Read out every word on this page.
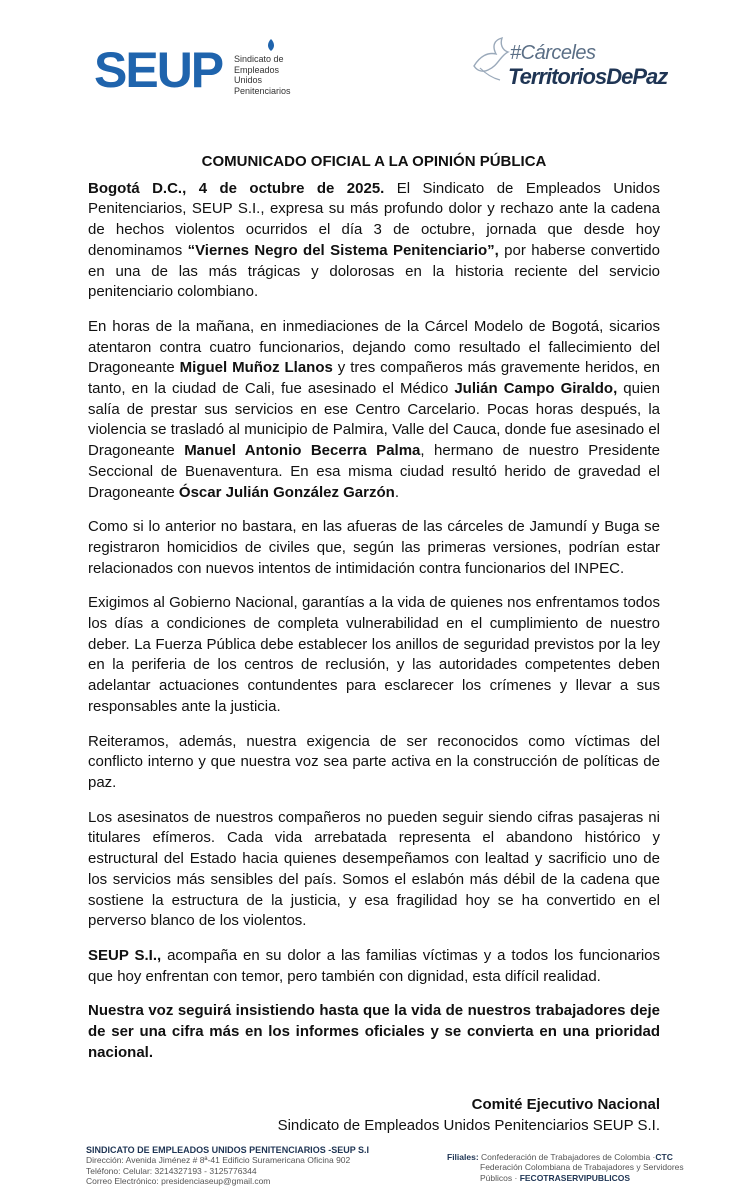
SEUP Sindicato de
Empleados
Unidos
Penitenciarios
#Cárceles
TerritoriosDePaz
COMUNICADO OFICIAL A LA OPINIÓN PÚBLICA

Bogotá D.C., 4 de octubre de 2025. El Sindicato de Empleados Unidos Penitenciarios, SEUP S.I., expresa su más profundo dolor y rechazo ante la cadena de hechos violentos ocurridos el día 3 de octubre, jornada que desde hoy denominamos “Viernes Negro del Sistema Penitenciario”, por haberse convertido en una de las más trágicas y dolorosas en la historia reciente del servicio penitenciario colombiano.

En horas de la mañana, en inmediaciones de la Cárcel Modelo de Bogotá, sicarios atentaron contra cuatro funcionarios, dejando como resultado el fallecimiento del Dragoneante Miguel Muñoz Llanos y tres compañeros más gravemente heridos, en tanto, en la ciudad de Cali, fue asesinado el Médico Julián Campo Giraldo, quien salía de prestar sus servicios en ese Centro Carcelario. Pocas horas después, la violencia se trasladó al municipio de Palmira, Valle del Cauca, donde fue asesinado el Dragoneante Manuel Antonio Becerra Palma, hermano de nuestro Presidente Seccional de Buenaventura. En esa misma ciudad resultó herido de gravedad el Dragoneante Óscar Julián González Garzón.

Como si lo anterior no bastara, en las afueras de las cárceles de Jamundí y Buga se registraron homicidios de civiles que, según las primeras versiones, podrían estar relacionados con nuevos intentos de intimidación contra funcionarios del INPEC.

Exigimos al Gobierno Nacional, garantías a la vida de quienes nos enfrentamos todos los días a condiciones de completa vulnerabilidad en el cumplimiento de nuestro deber. La Fuerza Pública debe establecer los anillos de seguridad previstos por la ley en la periferia de los centros de reclusión, y las autoridades competentes deben adelantar actuaciones contundentes para esclarecer los crímenes y llevar a sus responsables ante la justicia.

Reiteramos, además, nuestra exigencia de ser reconocidos como víctimas del conflicto interno y que nuestra voz sea parte activa en la construcción de políticas de paz.

Los asesinatos de nuestros compañeros no pueden seguir siendo cifras pasajeras ni titulares efímeros. Cada vida arrebatada representa el abandono histórico y estructural del Estado hacia quienes desempeñamos con lealtad y sacrificio uno de los servicios más sensibles del país. Somos el eslabón más débil de la cadena que sostiene la estructura de la justicia, y esa fragilidad hoy se ha convertido en el perverso blanco de los violentos.

SEUP S.I., acompaña en su dolor a las familias víctimas y a todos los funcionarios que hoy enfrentan con temor, pero también con dignidad, esta difícil realidad.

Nuestra voz seguirá insistiendo hasta que la vida de nuestros trabajadores deje de ser una cifra más en los informes oficiales y se convierta en una prioridad nacional.

Comité Ejecutivo Nacional
Sindicato de Empleados Unidos Penitenciarios SEUP S.I.
SINDICATO DE EMPLEADOS UNIDOS PENITENCIARIOS -SEUP S.I
Dirección: Avenida Jiménez # 8ª-41 Edificio Suramericana Oficina 902
Teléfono: Celular: 3214327193 - 3125776344
Correo Electrónico: presidenciaseup@gmail.com
Filiales: Confederación de Trabajadores de Colombia ·CTC
Federación Colombiana de Trabajadores y Servidores
Públicos · FECOTRASERVIPUBLICOS
